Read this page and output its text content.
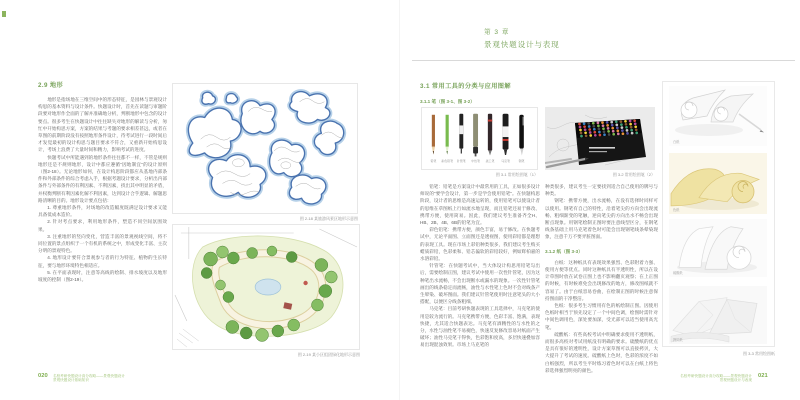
2.9 地形

地形是指场地在三维空间中的形态特征，是园林与景观设计构思的基本资料与设计条件。快题设计时，首先在读题与审题阶段要对地形作全面的了解并准确地分析，判断地形中包含的设计要点。很多考生在快题设计中往往缺失对地形的解读与分析，匆忙中开始构思方案，方案的结果与考题的要求相差甚远，或者在草图的前期阶段没有按照地形条件设计，待考试进行一段时间后才发觉最初的设计构思与题目要求不符合，又重新开始构思设计，考场上浪费了大量时间和精力，影响考试的进度。

快题考试中所能遇到的地形条件往往都不一样，不管是规则地形还是不规则地形，设计中都应遵循“因地制宜”的设计原则（图2-18）。无论地形如何，在设计构思阶段都应从基地内部条件和外部条件的综合考虑入手，根据考题设计要求，分析出内部条件与外部条件的有利因素、不利因素，找出其中明显的矛盾，并权衡判断有利因素化解不利因素，达到设计合乎逻辑、解题思路清晰的目的。地形设计要点包括：

1. 尊重地形条件，对场地的改造幅度既满足设计要求又能具备低成本造价。

2. 针对考点要求，利用地形条件，塑造不同空间氛围效果。

3. 注重地形的竖向变化，营造丰富的景观视线空间，将不同位置的景点组织于一个有机的系统之中，形成变化丰富、主次分明的景观特色。

4. 地形设计要符合景观参与者的行为特征、植物的生长特征，要与地形环境特色相适应。

5. 在平面表现时，注意等高线的绘制、排水坡度以及地形坡度的控制（图2-19）。

图 2-18 某旅游风景区地形示意图
图 2-19 某小区组团绿化地形示意图
020 名校考研快题设计高分攻略——景观快题设计
景观快题设计基础知识
第 3 章
景观快题设计与表现
3.1 常用工具的分类与应用图解
3.1.1 笔（图 3-1、图 3-2）
铅笔 彩色铅笔 针管笔 中性笔 美工笔 马克笔	钢笔
图 3-1 常用绘图笔（1）	图 3-2 常用绘图笔（2）

铅笔：铅笔是方案设计中最常用的工具，正如很多设计师说的“要学会设计，第一步是学会使用铅笔”。在快题构思阶段，设计者的思维是高速运转的，使用铅笔可以使设计者的思维在草图纸上行如流水地呈现，而且铅笔还易于修改、携带方便，使用简易。因此，我们建议考生准备齐全H、HB、2B、4B、6B的铅笔为宜。

彩色铅笔：携带方便，颜色丰富，易于修改。在快题考试中，无论平面图、立面图还是透视图，使用彩铅都是理想的表现工具。现在市场上彩铅种类很多，我们建议考生购买蜡质彩铅，色彩柔和、铅芯偏软的彩铅较好，例如辉柏嘉的水溶彩铅。

针管笔：在快题考试中，当大体设计构思用铅笔勾出后，需要绘制正图，建议考试中使用一次性针管笔，因为这种笔出水流畅，不会出现断水或漏水的现象。一次性针管笔画出的线条稳定而流畅，油性与水性笔上色时不会对线条产生晕染、破坏图面。我们建议针管笔使用时注意笔头的大小搭配，以便区分线条粗细。

马克笔：目前考研快题表现的工具选择中，马克笔的使用是较为流行的。马克笔携带方便，色彩丰富、饱满，表现快捷，尤其适合快题表达。马克笔有酒精性的与水性的之分，水性与油性笔不易褪色，快速反复修改容易对纸面产生破坏；油性马克笔干得快，色彩饱和度高，多层快速叠加容易出现混浊效果。市场上马克笔的

种类很多，建议考生一定要找到适合自己使用的牌号与种类。

钢笔：携带方便，出水流畅，在没有选择时同样可以使用。钢笔有自己的特性，沿着笔尖的方向会出现流畅、粗细渐变的笔触，逆向笔尖的方向出水不畅会出现断点现象。用钢笔绘制正图时要注意线型区分，在钢笔线条基础上用马克笔着色时可能会出现钢笔线条晕染现象，注意千万不要弄脏图面。

3.1.2 纸（图 3-3）

白纸：这种纸具有表现效果强烈、色彩附着力强、使用方便等优点。同时这种纸具有半透明性，所以在设计草图时放在试卷正图上也不影响翻页观察；在上正图的时候，有时候难免会出现修改的地方，修改图纸就不容易了。由于白纸容易卷曲，在绘制正图的时候注意保持图面的干净整洁。

色纸：很多考生习惯用有色的纸绘制正图。因使用色纸时相当于预先设定了一个中间色调，绘图时需针对中间色调用色，深处要加深，受光部可以适当使用高光笔。

硫酸纸：有些高校考试中明确要求使用不透明纸，而很多高校对考试用纸没有明确的要求。硫酸纸的优点是具有很好的透明性，设计方案草图可以直接拷贝，大大提升了考试的速度。硫酸纸上色时，色彩的浓度不如白纸强烈，所以考生平时练习着色时可以在白纸上将色彩选择强烈明亮的颜色。

白纸
色纸
硫酸纸
拷贝纸
图 3-3 常用绘图纸
名校考研快题设计高分攻略——景观快题设计
景观快题设计与表现
021
